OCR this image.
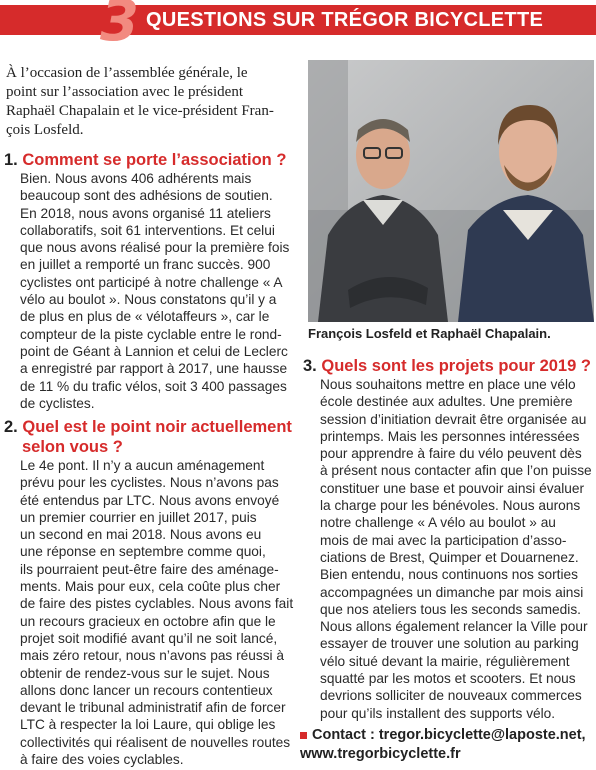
3 QUESTIONS SUR TRÉGOR BICYCLETTE
À l’occasion de l’assemblée générale, le
point sur l’association avec le président
Raphaël Chapalain et le vice-président Fran-
çois Losfeld.
1. Comment se porte l’association ?
Bien. Nous avons 406 adhérents mais
beaucoup sont des adhésions de soutien.
En 2018, nous avons organisé 11 ateliers
collaboratifs, soit 61 interventions. Et celui
que nous avons réalisé pour la première fois
en juillet a remporté un franc succès. 900
cyclistes ont participé à notre challenge « A
vélo au boulot ». Nous constatons qu’il y a
de plus en plus de « vélotaffeurs », car le
compteur de la piste cyclable entre le rond-
point de Géant à Lannion et celui de Leclerc
a enregistré par rapport à 2017, une hausse
de 11 % du trafic vélos, soit 3 400 passages
de cyclistes.
2. Quel est le point noir actuellement
selon vous ?
Le 4e pont. Il n’y a aucun aménagement
prévu pour les cyclistes. Nous n’avons pas
été entendus par LTC. Nous avons envoyé
un premier courrier en juillet 2017, puis
un second en mai 2018. Nous avons eu
une réponse en septembre comme quoi,
ils pourraient peut-être faire des aménage-
ments. Mais pour eux, cela coûte plus cher
de faire des pistes cyclables. Nous avons fait
un recours gracieux en octobre afin que le
projet soit modifié avant qu’il ne soit lancé,
mais zéro retour, nous n’avons pas réussi à
obtenir de rendez-vous sur le sujet. Nous
allons donc lancer un recours contentieux
devant le tribunal administratif afin de forcer
LTC à respecter la loi Laure, qui oblige les
collectivités qui réalisent de nouvelles routes
à faire des voies cyclables.
François Losfeld et Raphaël Chapalain.
3. Quels sont les projets pour 2019 ?
Nous souhaitons mettre en place une vélo
école destinée aux adultes. Une première
session d’initiation devrait être organisée au
printemps. Mais les personnes intéressées
pour apprendre à faire du vélo peuvent dès
à présent nous contacter afin que l’on puisse
constituer une base et pouvoir ainsi évaluer
la charge pour les bénévoles. Nous aurons
notre challenge « A vélo au boulot » au
mois de mai avec la participation d’asso-
ciations de Brest, Quimper et Douarnenez.
Bien entendu, nous continuons nos sorties
accompagnées un dimanche par mois ainsi
que nos ateliers tous les seconds samedis.
Nous allons également relancer la Ville pour
essayer de trouver une solution au parking
vélo situé devant la mairie, régulièrement
squatté par les motos et scooters. Et nous
devrions solliciter de nouveaux commerces
pour qu’ils installent des supports vélo.
Contact : tregor.bicyclette@laposte.net,
www.tregorbicyclette.fr
